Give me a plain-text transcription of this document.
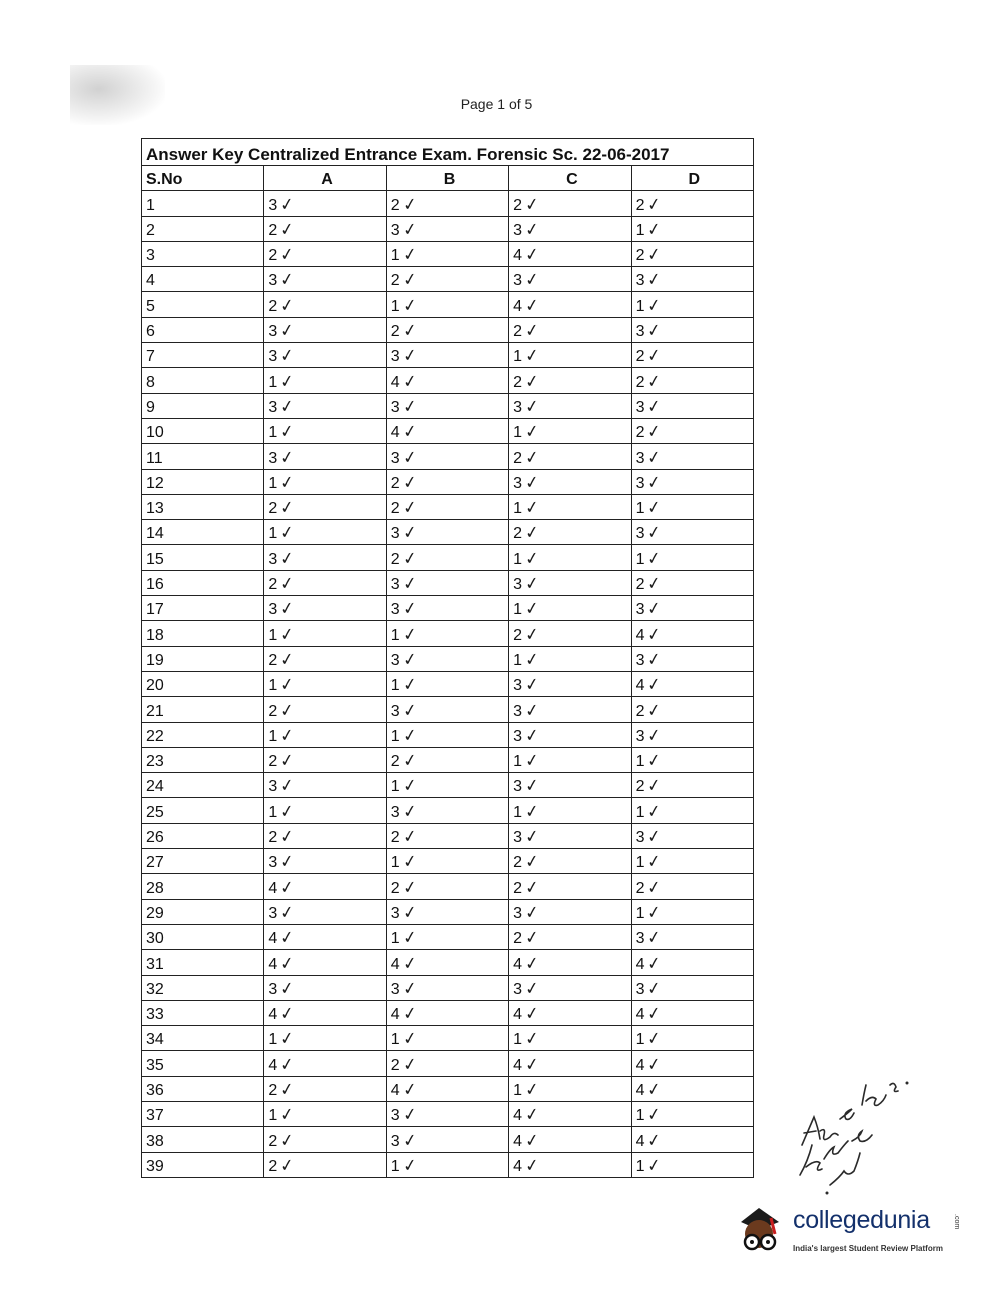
Page 1 of 5
Answer Key Centralized Entrance Exam. Forensic Sc. 22-06-2017				
S.No	A	B	C	D
1	3✓	2✓	2✓	2✓
2	2✓	3✓	3✓	1✓
3	2✓	1✓	4✓	2✓
4	3✓	2✓	3✓	3✓
5	2✓	1✓	4✓	1✓
6	3✓	2✓	2✓	3✓
7	3✓	3✓	1✓	2✓
8	1✓	4✓	2✓	2✓
9	3✓	3✓	3✓	3✓
10	1✓	4✓	1✓	2✓
11	3✓	3✓	2✓	3✓
12	1✓	2✓	3✓	3✓
13	2✓	2✓	1✓	1✓
14	1✓	3✓	2✓	3✓
15	3✓	2✓	1✓	1✓
16	2✓	3✓	3✓	2✓
17	3✓	3✓	1✓	3✓
18	1✓	1✓	2✓	4✓
19	2✓	3✓	1✓	3✓
20	1✓	1✓	3✓	4✓
21	2✓	3✓	3✓	2✓
22	1✓	1✓	3✓	3✓
23	2✓	2✓	1✓	1✓
24	3✓	1✓	3✓	2✓
25	1✓	3✓	1✓	1✓
26	2✓	2✓	3✓	3✓
27	3✓	1✓	2✓	1✓
28	4✓	2✓	2✓	2✓
29	3✓	3✓	3✓	1✓
30	4✓	1✓	2✓	3✓
31	4✓	4✓	4✓	4✓
32	3✓	3✓	3✓	3✓
33	4✓	4✓	4✓	4✓
34	1✓	1✓	1✓	1✓
35	4✓	2✓	4✓	4✓
36	2✓	4✓	1✓	4✓
37	1✓	3✓	4✓	1✓
38	2✓	3✓	4✓	4✓
39	2✓	1✓	4✓	1✓
collegedunia	.com
India's largest Student Review Platform
